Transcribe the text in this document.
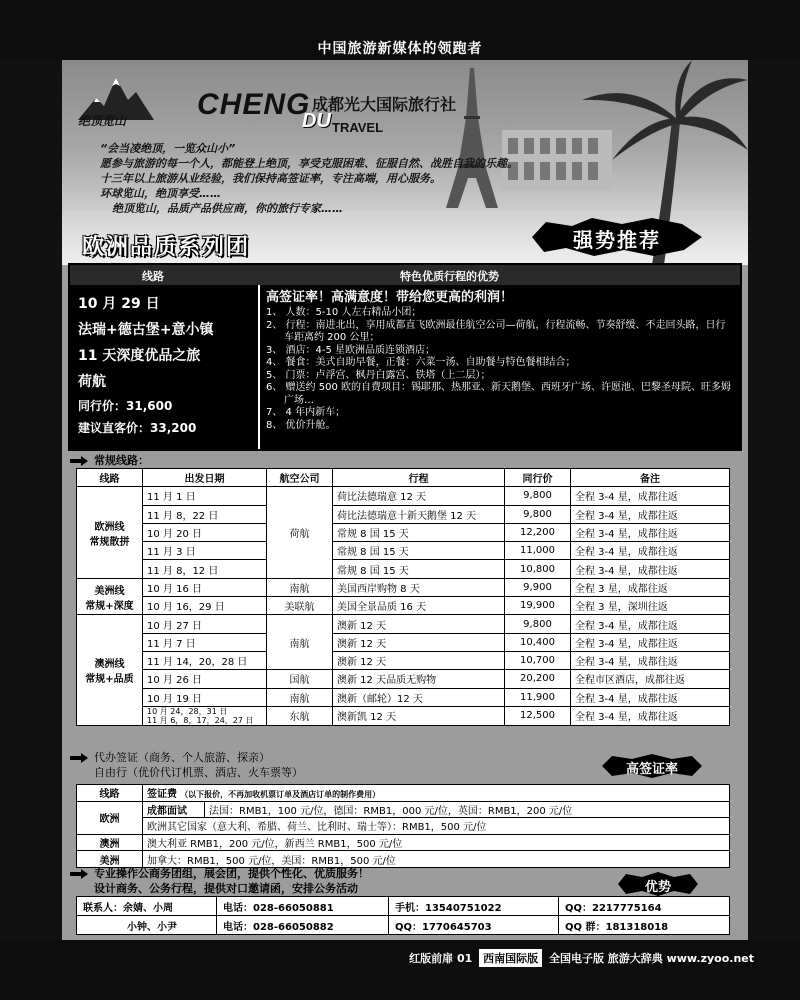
中国旅游新媒体的领跑者
绝顶览山 CHENG 成都光大国际旅行社
DU TRAVEL
“会当凌绝顶，一览众山小”
愿参与旅游的每一个人，都能登上绝顶，享受克服困难、征服自然、战胜自我的乐趣。
十三年以上旅游从业经验，我们保持高签证率，专注高端，用心服务。
环球览山，绝顶享受……
绝顶览山，品质产品供应商，你的旅行专家……
欧洲品质系列团	强势推荐
线路	特色优质行程的优势
10 月 29 日
法瑞+德古堡+意小镇
11 天深度优品之旅
荷航
同行价：31,600
建议直客价：33,200
高签证率！高满意度！带给您更高的利润！
1、 人数：5-10 人左右精品小团；
2、 行程：南进北出，享用成都直飞欧洲最佳航空公司—荷航，行程流畅、节奏舒缓、不走回头路，日行车距离约 200 公里；
3、 酒店：4-5 星欧洲品质连锁酒店；
4、 餐食：美式自助早餐，正餐：六菜一汤、自助餐与特色餐相结合；
5、 门票：卢浮宫、枫丹白露宫、铁塔（上二层）；
6、 赠送约 500 欧的自费项目：锡耶那、热那亚、新天鹅堡、西班牙广场、许愿池、巴黎圣母院、旺多姆广场…
7、 4 年内新车；
8、 优价升舱。
常规线路：
线路	出发日期	航空公司	行程	同行价	备注
欧洲线
常规散拼	11 月 1 日	荷航	荷比法德瑞意 12 天	9,800	全程 3-4 星，成都往返
	11 月 8，22 日		荷比法德瑞意十新天鹅堡 12 天	9,800	全程 3-4 星，成都往返
	10 月 20 日		常规 8 国 15 天	12,200	全程 3-4 星，成都往返
	11 月 3 日		常规 8 国 15 天	11,000	全程 3-4 星，成都往返
	11 月 8，12 日		常规 8 国 15 天	10,800	全程 3-4 星，成都往返
美洲线
常规+深度	10 月 16 日	南航	美国西岸购物 8 天	9,900	全程 3 星，成都往返
	10 月 16，29 日	美联航	美国全景品质 16 天	19,900	全程 3 星，深圳往返
澳洲线
常规+品质	10 月 27 日	南航	澳新 12 天	9,800	全程 3-4 星，成都往返
	11 月 7 日		澳新 12 天	10,400	全程 3-4 星，成都往返
	11 月 14，20，28 日		澳新 12 天	10,700	全程 3-4 星，成都往返
	10 月 26 日	国航	澳新 12 天品质无购物	20,200	全程市区酒店，成都往返
	10 月 19 日	南航	澳新（邮轮）12 天	11,900	全程 3-4 星，成都往返
	10 月 24，28，31 日
11 月 6，8，17，24，27 日	东航	澳新凯 12 天	12,500	全程 3-4 星，成都往返
代办签证（商务、个人旅游、探亲）
自由行（优价代订机票、酒店、火车票等）	高签证率
线路	签证费 （以下报价，不再加收机票订单及酒店订单的制作费用）	
欧洲	成都面试	法国：RMB1，100 元/位，德国：RMB1，000 元/位，英国：RMB1，200 元/位
	欧洲其它国家（意大利、希腊、荷兰、比利时、瑞士等）：RMB1，500 元/位	
澳洲	澳大利亚 RMB1，200 元/位，新西兰 RMB1，500 元/位	
美洲	加拿大：RMB1，500 元/位，美国：RMB1，500 元/位	
专业操作公商务团组，展会团，提供个性化、优质服务！
设计商务、公务行程，提供对口邀请函，安排公务活动	优势
联系人：余婧、小周	电话：028-66050881	手机：13540751022	QQ：2217775164
小钟、小尹	电话：028-66050882	QQ：1770645703	QQ 群：181318018
红版前扉 01 西南国际版 全国电子版 旅游大辞典 www.zyoo.net
